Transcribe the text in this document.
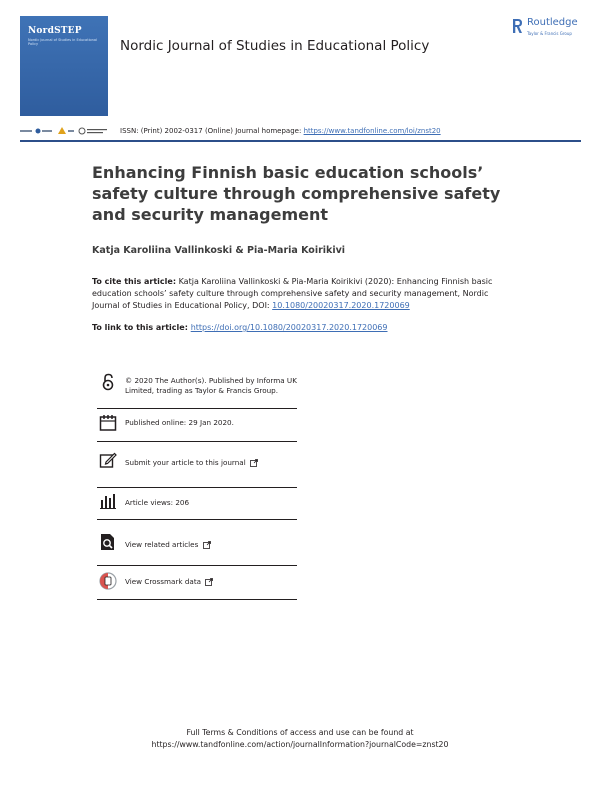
NordSTEP
Nordic Journal of Studies in Educational Policy	Nordic Journal of Studies in Educational Policy
Routledge
Taylor & Francis Group
ISSN: (Print) 2002-0317 (Online) Journal homepage: https://www.tandfonline.com/loi/znst20
Enhancing Finnish basic education schools’ safety culture through comprehensive safety and security management
Katja Karoliina Vallinkoski & Pia-Maria Koirikivi
To cite this article: Katja Karoliina Vallinkoski & Pia-Maria Koirikivi (2020): Enhancing Finnish basic education schools’ safety culture through comprehensive safety and security management, Nordic Journal of Studies in Educational Policy, DOI: 10.1080/20020317.2020.1720069
To link to this article: https://doi.org/10.1080/20020317.2020.1720069
© 2020 The Author(s). Published by Informa UK Limited, trading as Taylor & Francis Group.
Published online: 29 Jan 2020.
Submit your article to this journal
Article views: 206
View related articles
View Crossmark data
Full Terms & Conditions of access and use can be found at
https://www.tandfonline.com/action/journalInformation?journalCode=znst20
